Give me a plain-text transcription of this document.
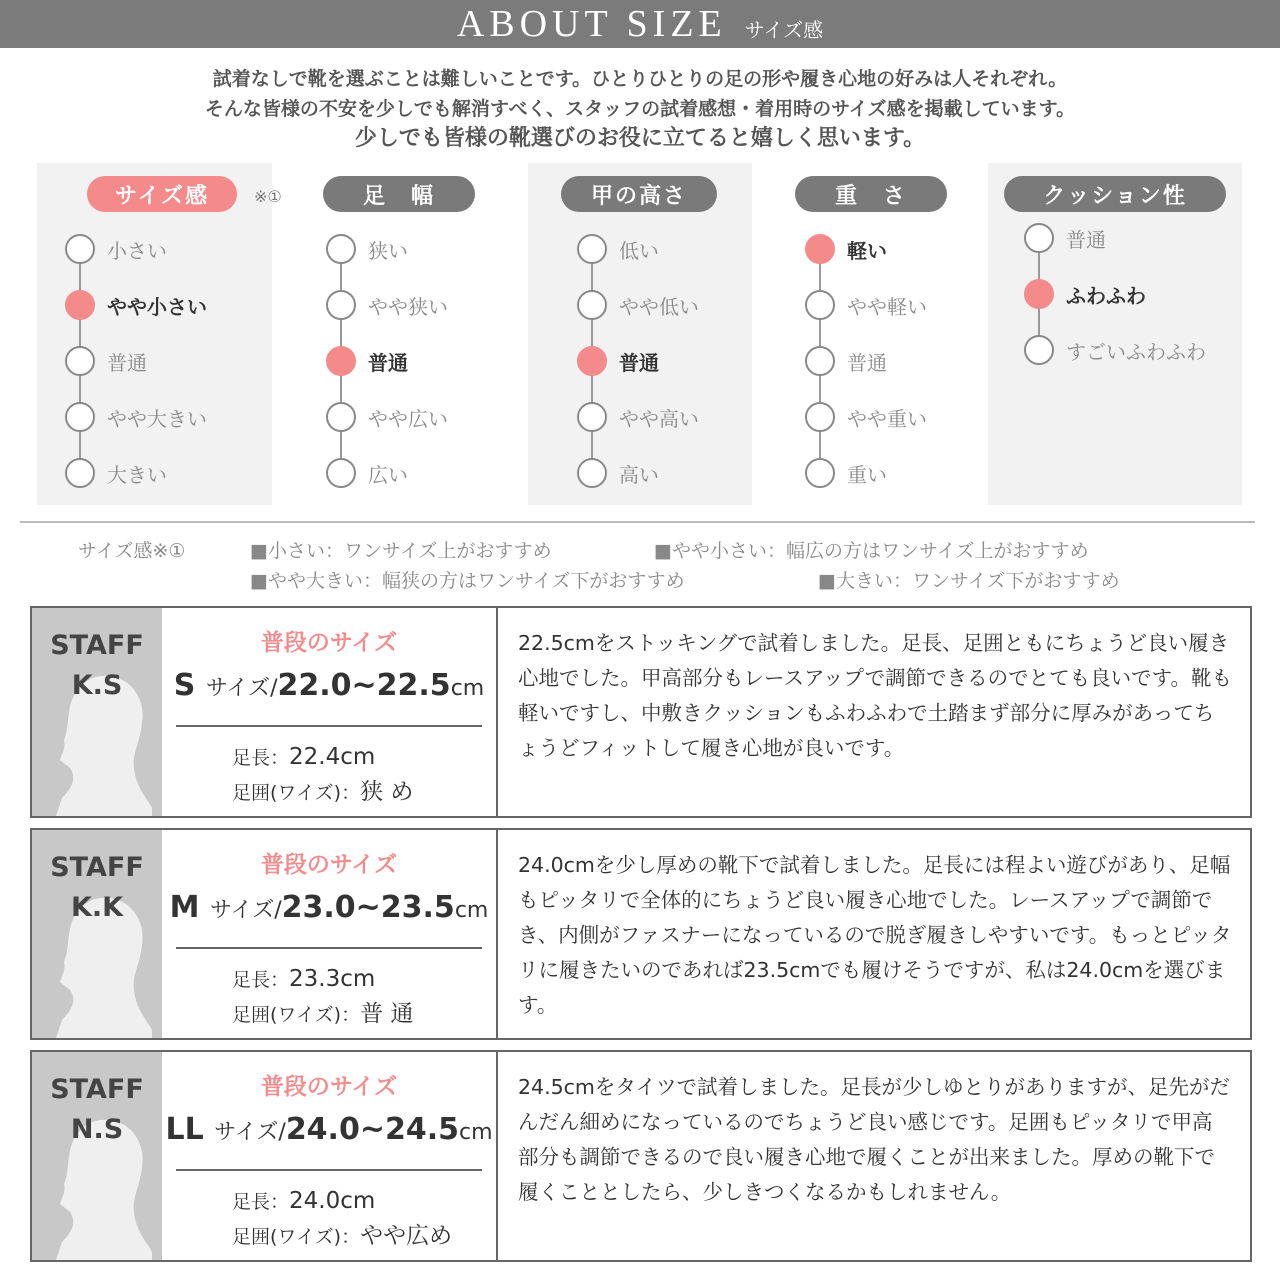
ABOUT SIZE サイズ感
試着なしで靴を選ぶことは難しいことです。ひとりひとりの足の形や履き心地の好みは人それぞれ。
そんな皆様の不安を少しでも解消すべく、スタッフの試着感想・着用時のサイズ感を掲載しています。
少しでも皆様の靴選びのお役に立てると嬉しく思います。
サイズ感	※①
小さい
やや小さい
普通
やや大きい
大きい
足　幅
狭い
やや狭い
普通
やや広い
広い
甲の高さ
低い
やや低い
普通
やや高い
高い
重　さ
軽い
やや軽い
普通
やや重い
重い
クッション性
普通
ふわふわ
すごいふわふわ
サイズ感※①	■小さい：ワンサイズ上がおすすめ	■やや小さい：幅広の方はワンサイズ上がおすすめ
■やや大きい：幅狭の方はワンサイズ下がおすすめ	■大きい：ワンサイズ下がおすすめ
STAFF
K.S
普段のサイズ
S サイズ/22.0~22.5cm
足長：22.4cm
足囲(ワイズ)：狭 め
22.5cmをストッキングで試着しました。足長、足囲ともにちょうど良い履き心地でした。甲高部分もレースアップで調節できるのでとても良いです。靴も軽いですし、中敷きクッションもふわふわで土踏まず部分に厚みがあってちょうどフィットして履き心地が良いです。
STAFF
K.K
普段のサイズ
M サイズ/23.0~23.5cm
足長：23.3cm
足囲(ワイズ)：普 通
24.0cmを少し厚めの靴下で試着しました。足長には程よい遊びがあり、足幅もピッタリで全体的にちょうど良い履き心地でした。レースアップで調節でき、内側がファスナーになっているので脱ぎ履きしやすいです。もっとピッタリに履きたいのであれば23.5cmでも履けそうですが、私は24.0cmを選びます。
STAFF
N.S
普段のサイズ
LL サイズ/24.0~24.5cm
足長：24.0cm
足囲(ワイズ)：やや広め
24.5cmをタイツで試着しました。足長が少しゆとりがありますが、足先がだんだん細めになっているのでちょうど良い感じです。足囲もピッタリで甲高部分も調節できるので良い履き心地で履くことが出来ました。厚めの靴下で履くこととしたら、少しきつくなるかもしれません。
